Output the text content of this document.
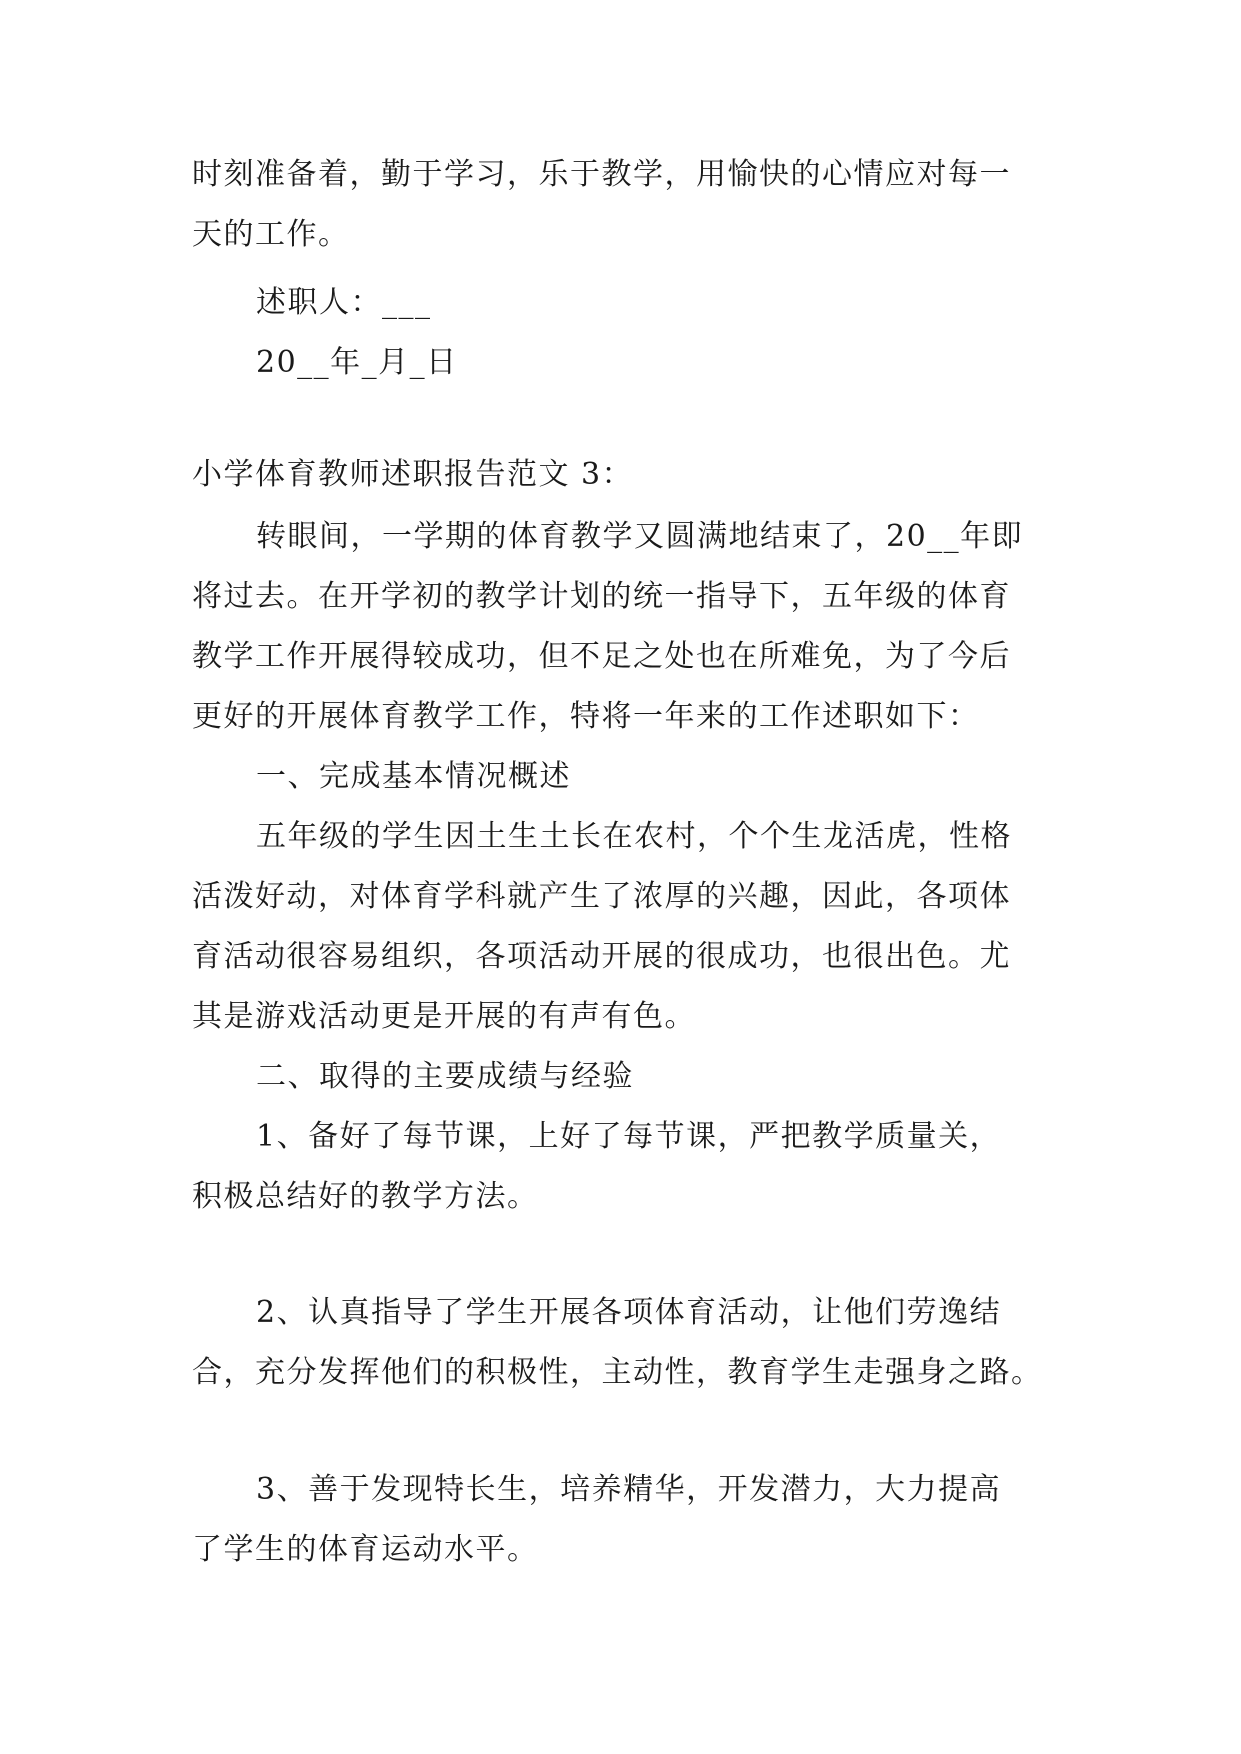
时刻准备着，勤于学习，乐于教学，用愉快的心情应对每一
天的工作。
述职人：___
20__年_月_日
小学体育教师述职报告范文 3：
转眼间，一学期的体育教学又圆满地结束了，20__年即
将过去。在开学初的教学计划的统一指导下，五年级的体育
教学工作开展得较成功，但不足之处也在所难免，为了今后
更好的开展体育教学工作，特将一年来的工作述职如下：
一、完成基本情况概述
五年级的学生因土生土长在农村，个个生龙活虎，性格
活泼好动，对体育学科就产生了浓厚的兴趣，因此，各项体
育活动很容易组织，各项活动开展的很成功，也很出色。尤
其是游戏活动更是开展的有声有色。
二、取得的主要成绩与经验
1、备好了每节课，上好了每节课，严把教学质量关，
积极总结好的教学方法。
2、认真指导了学生开展各项体育活动，让他们劳逸结
合，充分发挥他们的积极性，主动性，教育学生走强身之路。
3、善于发现特长生，培养精华，开发潜力，大力提高
了学生的体育运动水平。
